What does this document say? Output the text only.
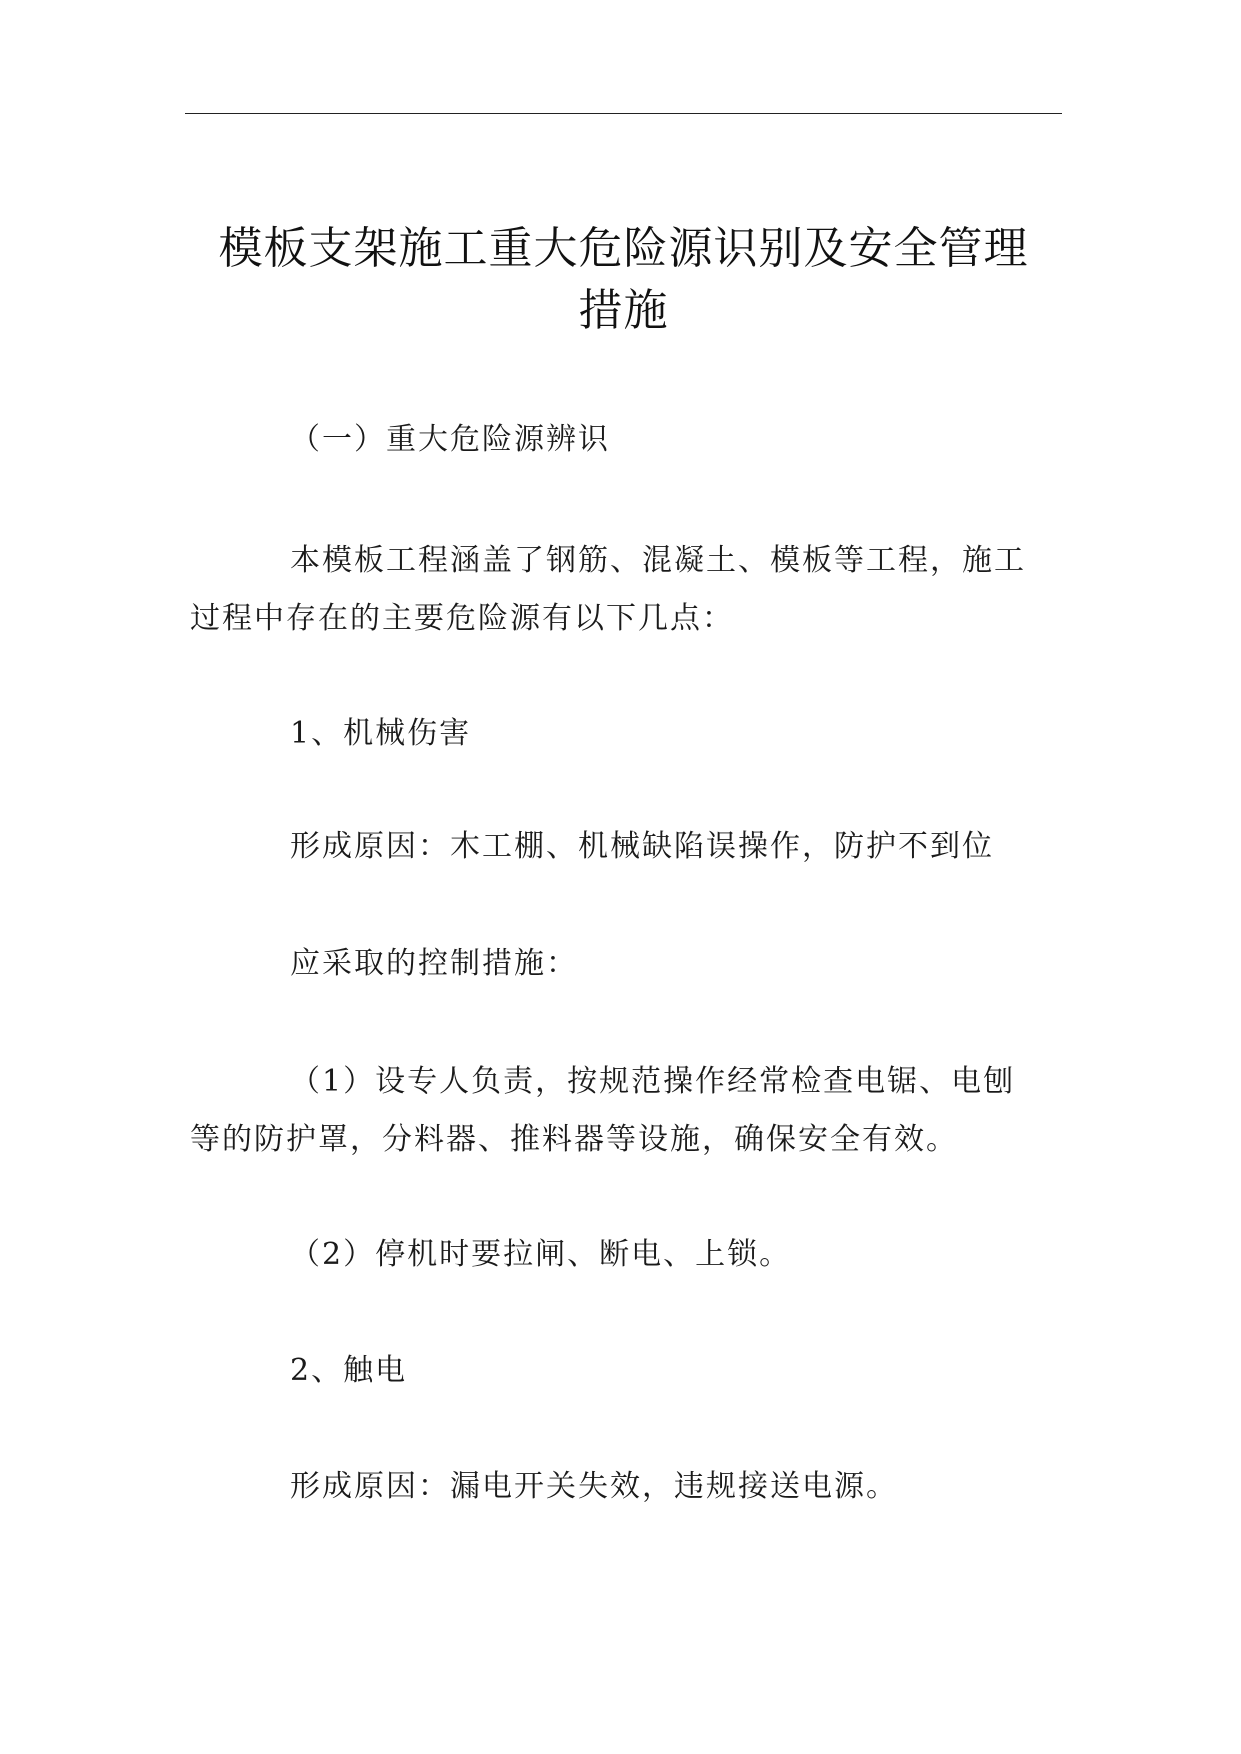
模板支架施工重大危险源识别及安全管理
措施
（一）重大危险源辨识
本模板工程涵盖了钢筋、混凝土、模板等工程，施工
过程中存在的主要危险源有以下几点：
1、机械伤害
形成原因：木工棚、机械缺陷误操作，防护不到位
应采取的控制措施：
（1）设专人负责，按规范操作经常检查电锯、电刨
等的防护罩，分料器、推料器等设施，确保安全有效。
（2）停机时要拉闸、断电、上锁。
2、触电
形成原因：漏电开关失效，违规接送电源。
